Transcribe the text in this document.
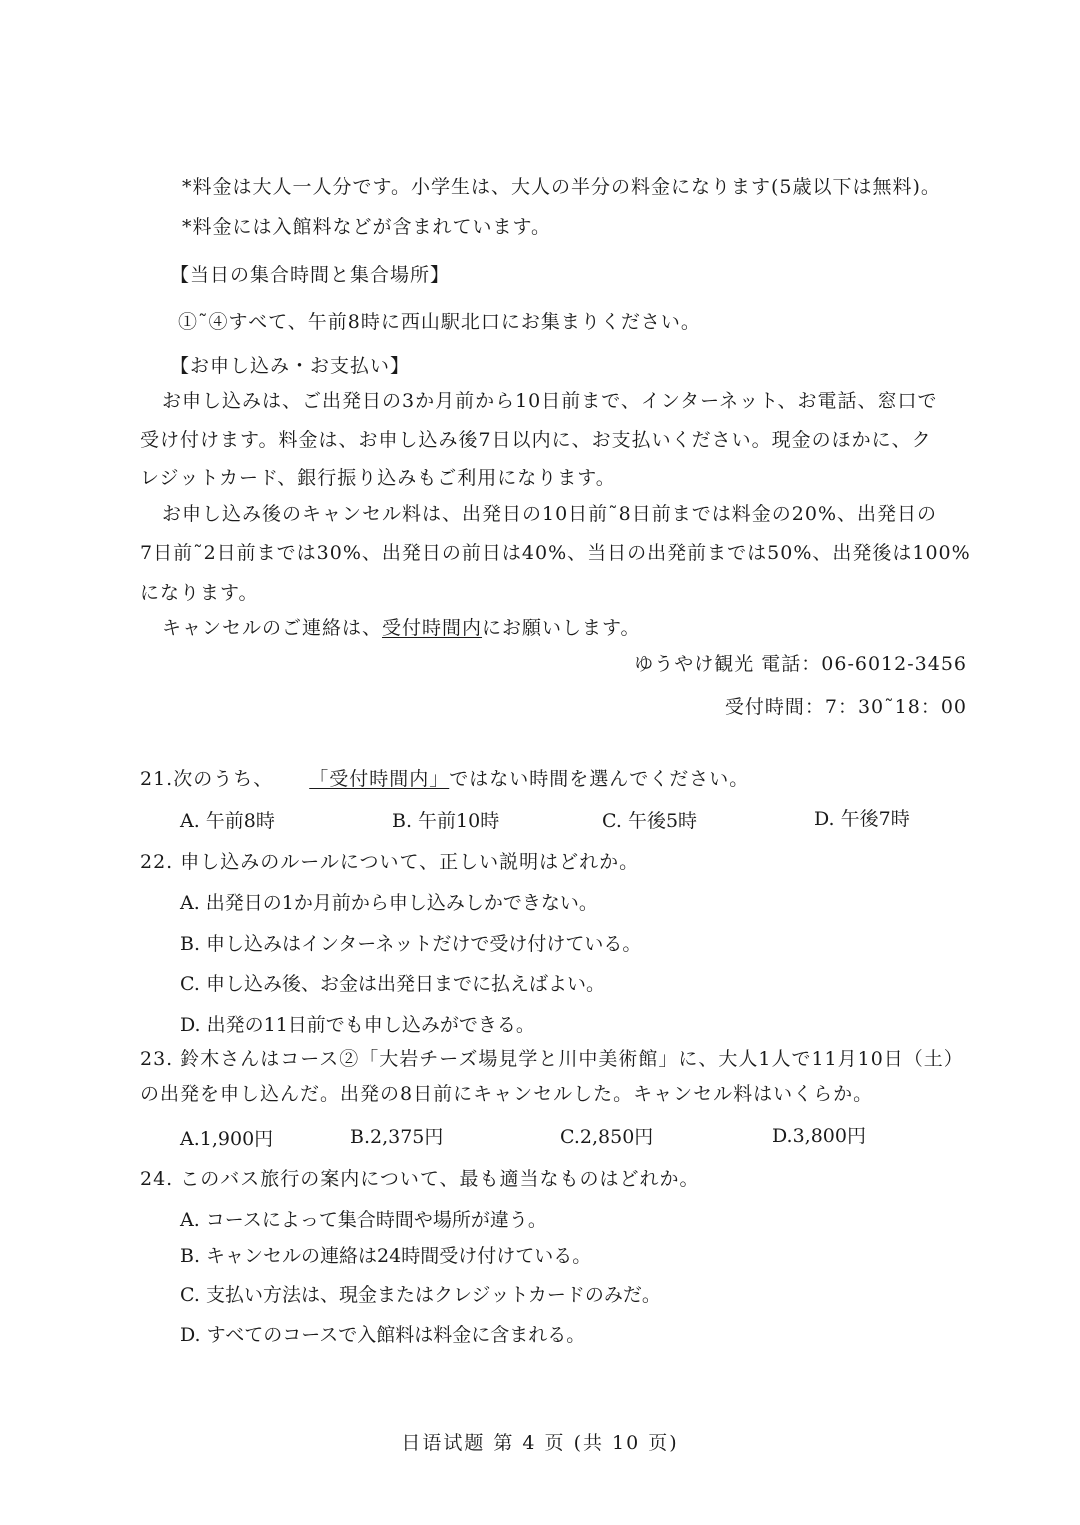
*料金は大人一人分です。小学生は、大人の半分の料金になります(5歳以下は無料)。
*料金には入館料などが含まれています。
【当日の集合時間と集合場所】
①˜④すべて、午前8時に西山駅北口にお集まりください。
【お申し込み・お支払い】
お申し込みは、ご出発日の3か月前から10日前まで、インターネット、お電話、窓口で
受け付けます。料金は、お申し込み後7日以内に、お支払いください。現金のほかに、ク
レジットカード、銀行振り込みもご利用になります。
お申し込み後のキャンセル料は、出発日の10日前˜8日前までは料金の20%、出発日の
7日前˜2日前までは30%、出発日の前日は40%、当日の出発前までは50%、出発後は100%
になります。
キャンセルのご連絡は、受付時間内にお願いします。
ゆうやけ観光 電話：06-6012-3456
受付時間：7：30˜18：00
21.次のうち、 「受付時間内」ではない時間を選んでください。
A. 午前8時	B. 午前10時	C. 午後5時	D. 午後7時
22. 申し込みのルールについて、正しい説明はどれか。
A. 出発日の1か月前から申し込みしかできない。
B. 申し込みはインターネットだけで受け付けている。
C. 申し込み後、お金は出発日までに払えばよい。
D. 出発の11日前でも申し込みができる。
23. 鈴木さんはコース②「大岩チーズ場見学と川中美術館」に、大人1人で11月10日（土）
の出発を申し込んだ。出発の8日前にキャンセルした。キャンセル料はいくらか。
A.1,900円	B.2,375円	C.2,850円	D.3,800円
24. このバス旅行の案内について、最も適当なものはどれか。
A. コースによって集合時間や場所が違う。
B. キャンセルの連絡は24時間受け付けている。
C. 支払い方法は、現金またはクレジットカードのみだ。
D. すべてのコースで入館料は料金に含まれる。
日语试题 第 4 页 (共 10 页)
